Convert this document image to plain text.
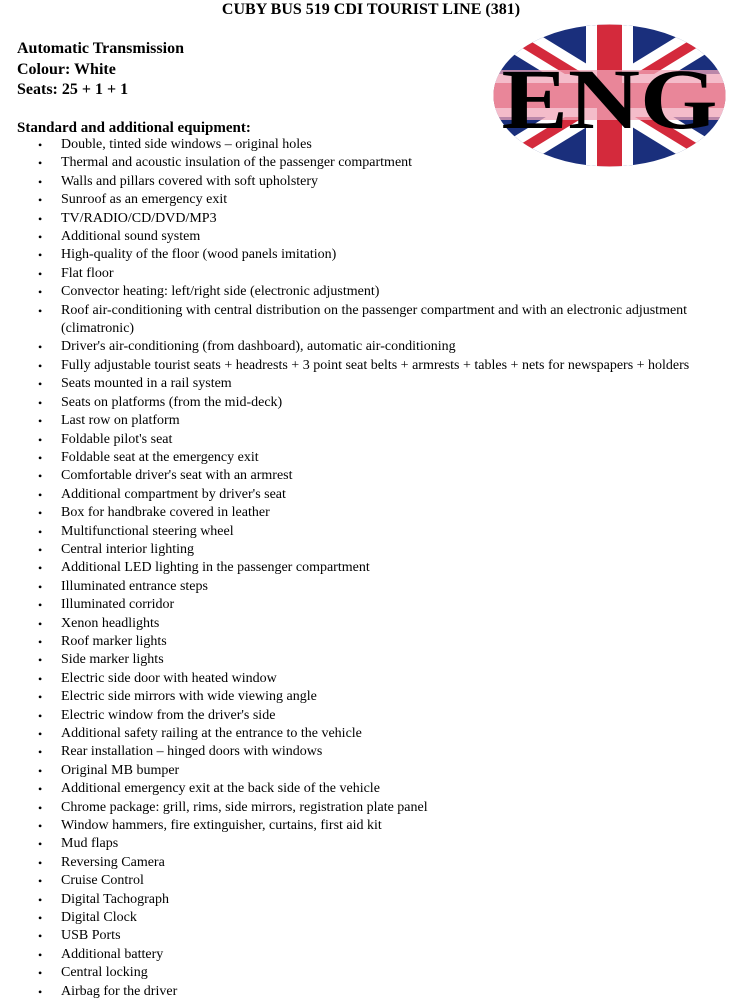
CUBY BUS 519 CDI TOURIST LINE (381)
Automatic Transmission
Colour: White
Seats: 25 + 1 + 1
Standard and additional equipment:
• Double, tinted side windows – original holes
• Thermal and acoustic insulation of the passenger compartment
• Walls and pillars covered with soft upholstery
• Sunroof as an emergency exit
• TV/RADIO/CD/DVD/MP3
• Additional sound system
• High-quality of the floor (wood panels imitation)
• Flat floor
• Convector heating: left/right side (electronic adjustment)
• Roof air-conditioning with central distribution on the passenger compartment and with an electronic adjustment (climatronic)
• Driver's air-conditioning (from dashboard), automatic air-conditioning
• Fully adjustable tourist seats + headrests + 3 point seat belts + armrests + tables + nets for newspapers + holders
• Seats mounted in a rail system
• Seats on platforms (from the mid-deck)
• Last row on platform
• Foldable pilot's seat
• Foldable seat at the emergency exit
• Comfortable driver's seat with an armrest
• Additional compartment by driver's seat
• Box for handbrake covered in leather
• Multifunctional steering wheel
• Central interior lighting
• Additional LED lighting in the passenger compartment
• Illuminated entrance steps
• Illuminated corridor
• Xenon headlights
• Roof marker lights
• Side marker lights
• Electric side door with heated window
• Electric side mirrors with wide viewing angle
• Electric window from the driver's side
• Additional safety railing at the entrance to the vehicle
• Rear installation – hinged doors with windows
• Original MB bumper
• Additional emergency exit at the back side of the vehicle
• Chrome package: grill, rims, side mirrors, registration plate panel
• Window hammers, fire extinguisher, curtains, first aid kit
• Mud flaps
• Reversing Camera
• Cruise Control
• Digital Tachograph
• Digital Clock
• USB Ports
• Additional battery
• Central locking
• Airbag for the driver
ENG
